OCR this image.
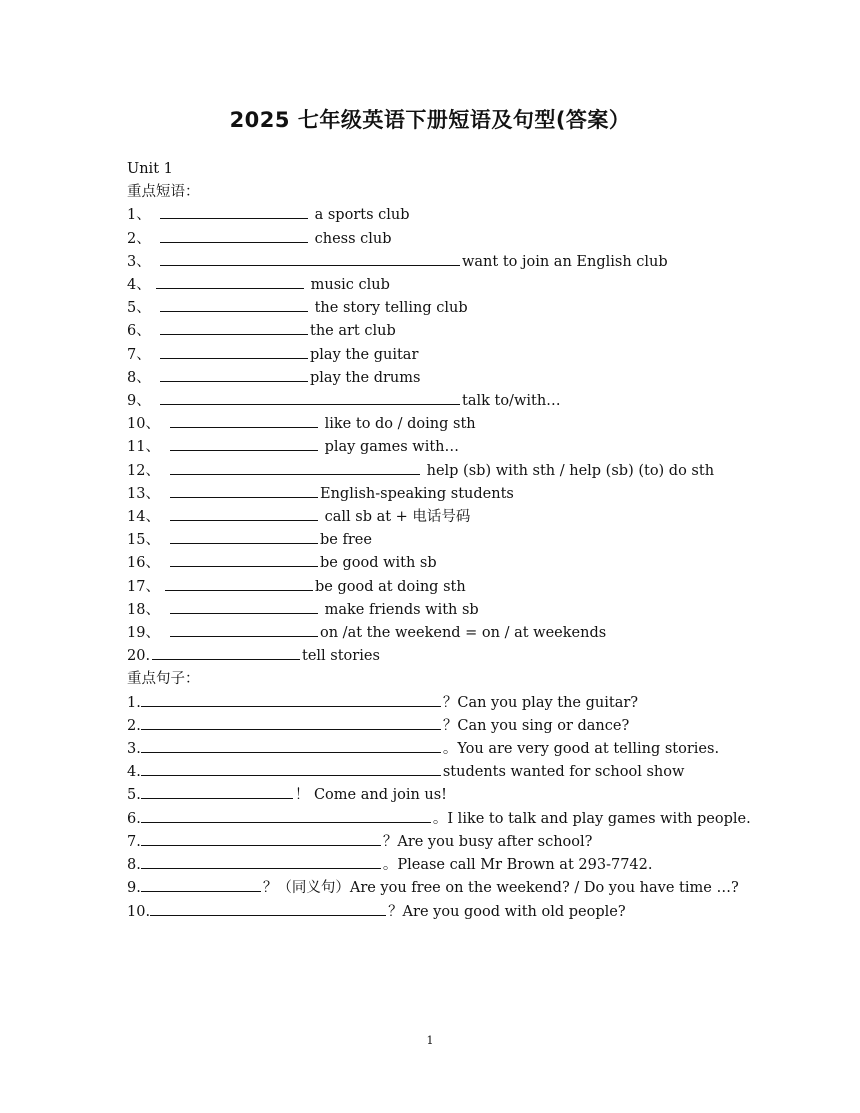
2025 七年级英语下册短语及句型(答案）
Unit 1
重点短语：
1、	a sports club
2、	chess club
3、	want to join an English club
4、	music club
5、	the story telling club
6、	the art club
7、	play the guitar
8、	play the drums
9、	talk to/with…
10、	like to do / doing sth
11、	play games with…
12、	help (sb) with sth / help (sb) (to) do sth
13、	English-speaking students
14、	call sb at + 电话号码
15、	be free
16、	be good with sb
17、	be good at doing sth
18、	make friends with sb
19、	on /at the weekend = on / at weekends
20.	tell stories
重点句子：
1.	？Can you play the guitar?
2.	？Can you sing or dance?
3.	。You are very good at telling stories.
4.	students wanted for school show
5.	！ Come and join us!
6.	。I like to talk and play games with people.
7.	？Are you busy after school?
8.	。Please call Mr Brown at 293-7742.
9.	？（同义句）Are you free on the weekend? / Do you have time …?
10.	？Are you good with old people?
1
